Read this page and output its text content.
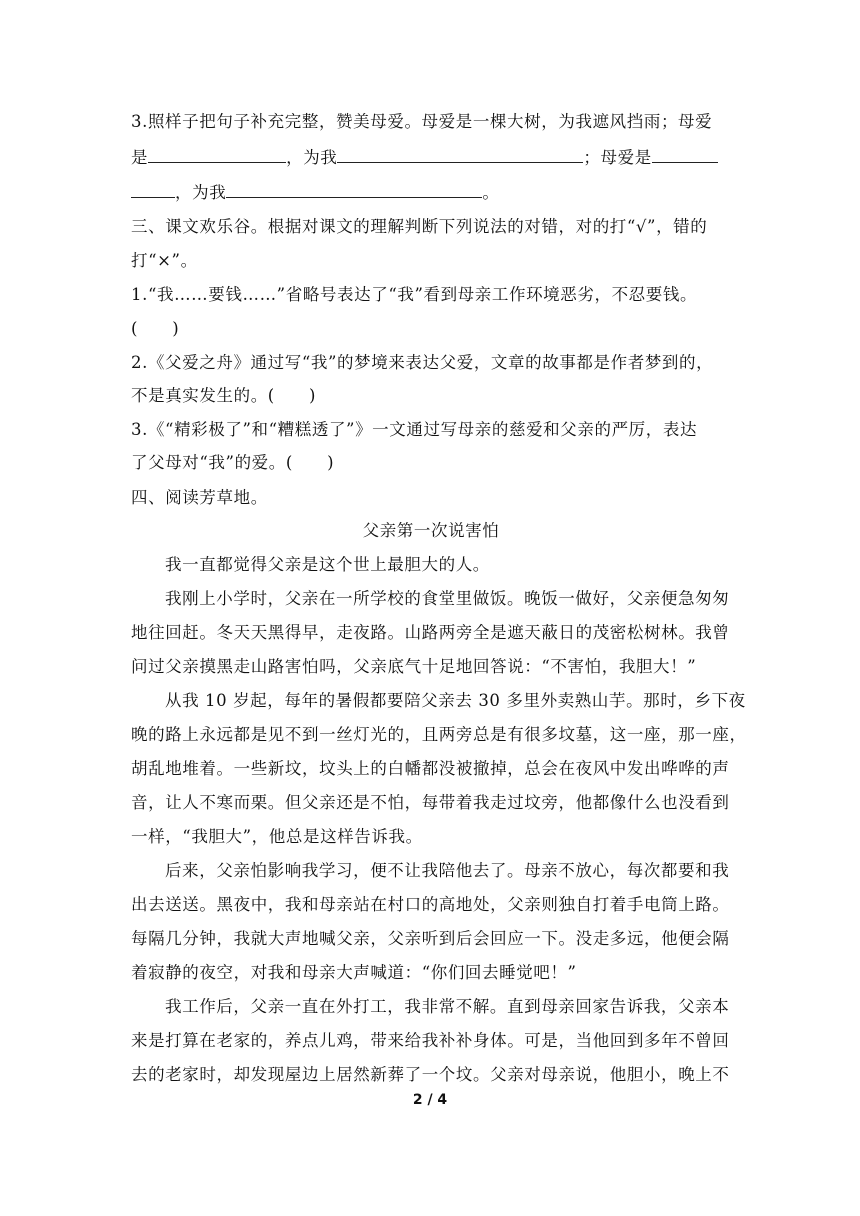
3.照样子把句子补充完整，赞美母爱。母爱是一棵大树，为我遮风挡雨；母爱
是	，为我	；母爱是
，为我	。
三、课文欢乐谷。根据对课文的理解判断下列说法的对错，对的打“√”，错的
打“×”。
1.“我……要钱……”省略号表达了“我”看到母亲工作环境恶劣，不忍要钱。
(　　)
2.《父爱之舟》通过写“我”的梦境来表达父爱，文章的故事都是作者梦到的，
不是真实发生的。(　　)
3.《“精彩极了”和“糟糕透了”》一文通过写母亲的慈爱和父亲的严厉，表达
了父母对“我”的爱。(　　)
四、阅读芳草地。
父亲第一次说害怕
我一直都觉得父亲是这个世上最胆大的人。
我刚上小学时，父亲在一所学校的食堂里做饭。晚饭一做好，父亲便急匆匆
地往回赶。冬天天黑得早，走夜路。山路两旁全是遮天蔽日的茂密松树林。我曾
问过父亲摸黑走山路害怕吗，父亲底气十足地回答说：“不害怕，我胆大！”
从我 10 岁起，每年的暑假都要陪父亲去 30 多里外卖熟山芋。那时，乡下夜
晚的路上永远都是见不到一丝灯光的，且两旁总是有很多坟墓，这一座，那一座，
胡乱地堆着。一些新坟，坟头上的白幡都没被撤掉，总会在夜风中发出哗哗的声
音，让人不寒而栗。但父亲还是不怕，每带着我走过坟旁，他都像什么也没看到
一样，“我胆大”，他总是这样告诉我。
后来，父亲怕影响我学习，便不让我陪他去了。母亲不放心，每次都要和我
出去送送。黑夜中，我和母亲站在村口的高地处，父亲则独自打着手电筒上路。
每隔几分钟，我就大声地喊父亲，父亲听到后会回应一下。没走多远，他便会隔
着寂静的夜空，对我和母亲大声喊道：“你们回去睡觉吧！”
我工作后，父亲一直在外打工，我非常不解。直到母亲回家告诉我，父亲本
来是打算在老家的，养点儿鸡，带来给我补补身体。可是，当他回到多年不曾回
去的老家时，却发现屋边上居然新葬了一个坟。父亲对母亲说，他胆小，晚上不
2 / 4
